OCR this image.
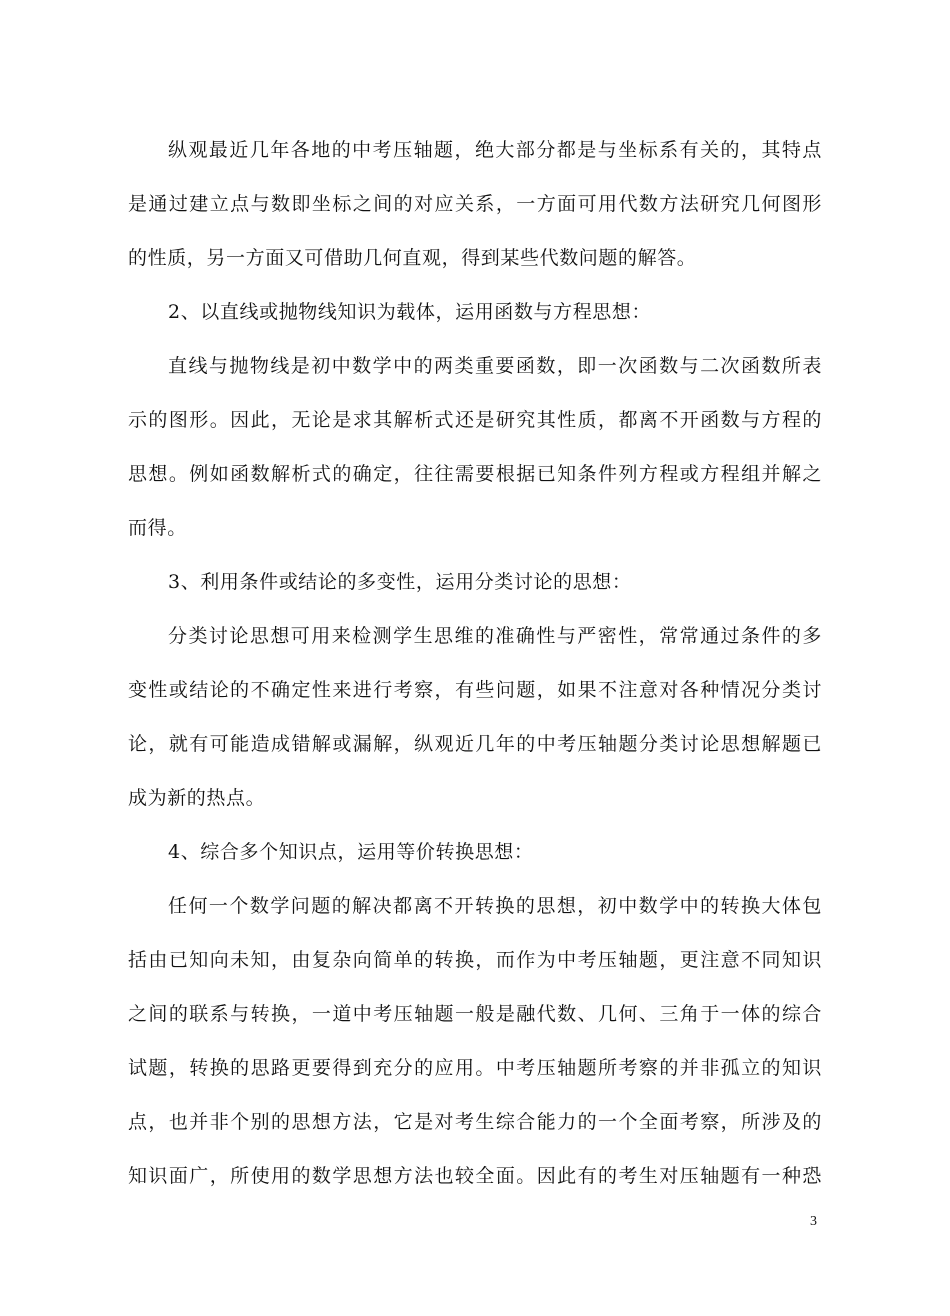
纵观最近几年各地的中考压轴题，绝大部分都是与坐标系有关的，其特点
是通过建立点与数即坐标之间的对应关系，一方面可用代数方法研究几何图形
的性质，另一方面又可借助几何直观，得到某些代数问题的解答。
2、以直线或抛物线知识为载体，运用函数与方程思想：
直线与抛物线是初中数学中的两类重要函数，即一次函数与二次函数所表
示的图形。因此，无论是求其解析式还是研究其性质，都离不开函数与方程的
思想。例如函数解析式的确定，往往需要根据已知条件列方程或方程组并解之
而得。
3、利用条件或结论的多变性，运用分类讨论的思想：
分类讨论思想可用来检测学生思维的准确性与严密性，常常通过条件的多
变性或结论的不确定性来进行考察，有些问题，如果不注意对各种情况分类讨
论，就有可能造成错解或漏解，纵观近几年的中考压轴题分类讨论思想解题已
成为新的热点。
4、综合多个知识点，运用等价转换思想：
任何一个数学问题的解决都离不开转换的思想，初中数学中的转换大体包
括由已知向未知，由复杂向简单的转换，而作为中考压轴题，更注意不同知识
之间的联系与转换，一道中考压轴题一般是融代数、几何、三角于一体的综合
试题，转换的思路更要得到充分的应用。中考压轴题所考察的并非孤立的知识
点，也并非个别的思想方法，它是对考生综合能力的一个全面考察，所涉及的
知识面广，所使用的数学思想方法也较全面。因此有的考生对压轴题有一种恐
3
